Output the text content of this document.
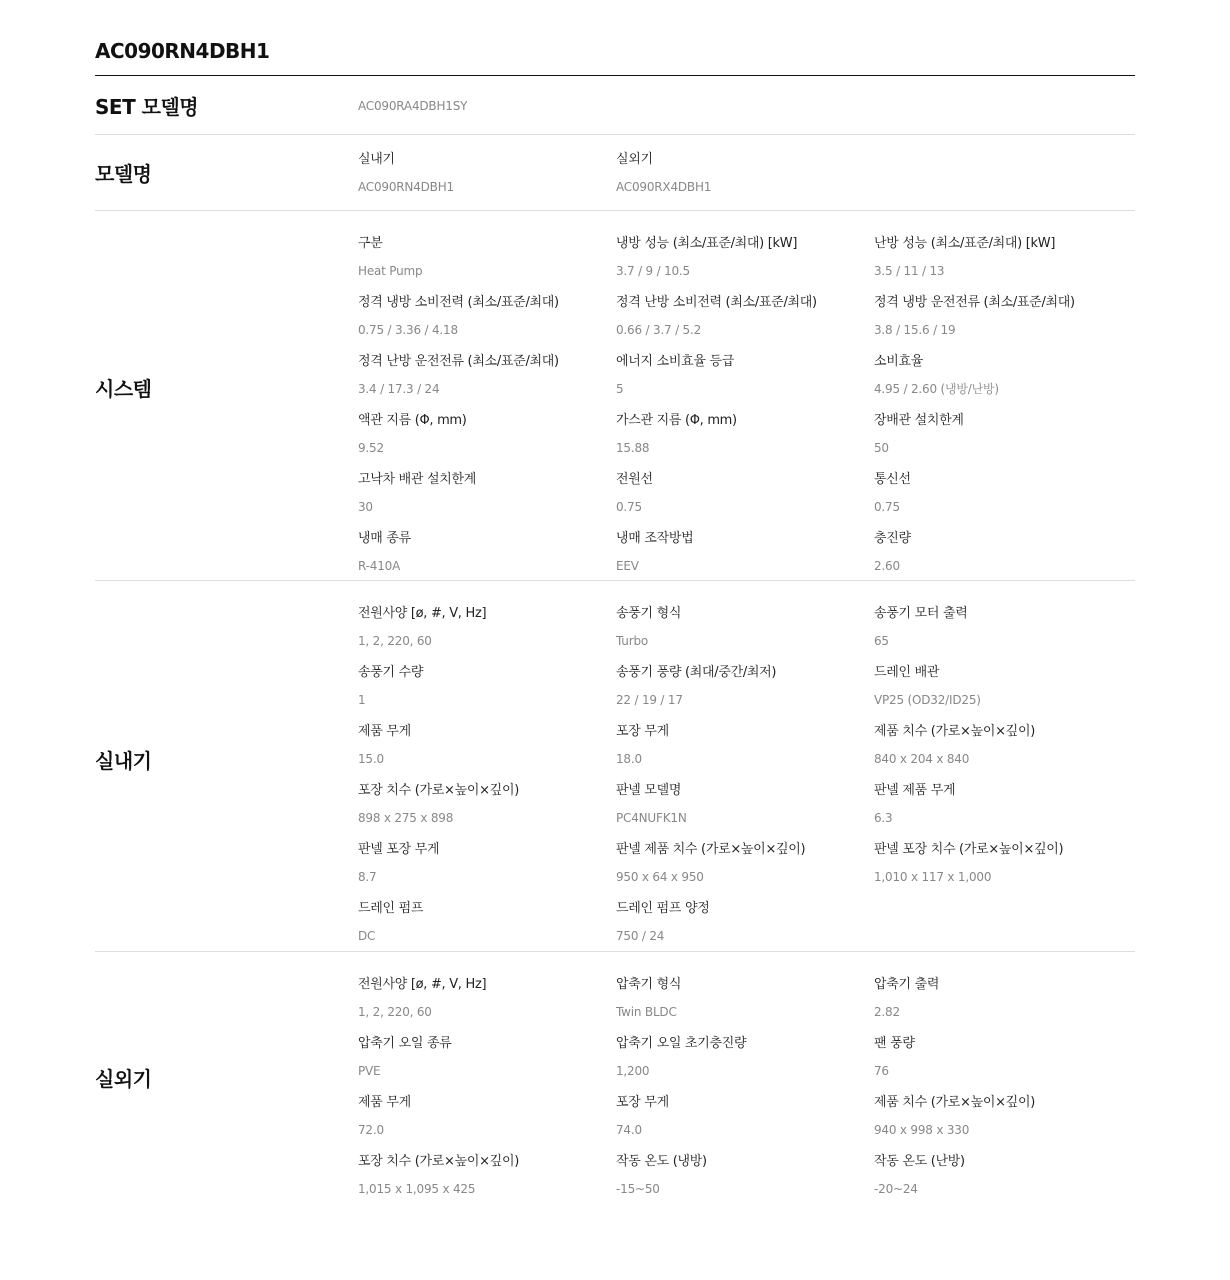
AC090RN4DBH1
SET 모델명	AC090RA4DBH1SY
모델명
실내기
AC090RN4DBH1
실외기
AC090RX4DBH1
시스템
구분
Heat Pump
냉방 성능 (최소/표준/최대) [kW]
3.7 / 9 / 10.5
난방 성능 (최소/표준/최대) [kW]
3.5 / 11 / 13
정격 냉방 소비전력 (최소/표준/최대)
0.75 / 3.36 / 4.18
정격 난방 소비전력 (최소/표준/최대)
0.66 / 3.7 / 5.2
정격 냉방 운전전류 (최소/표준/최대)
3.8 / 15.6 / 19
정격 난방 운전전류 (최소/표준/최대)
3.4 / 17.3 / 24
에너지 소비효율 등급
5
소비효율
4.95 / 2.60 (냉방/난방)
액관 지름 (Φ, mm)
9.52
가스관 지름 (Φ, mm)
15.88
장배관 설치한계
50
고낙차 배관 설치한계
30
전원선
0.75
통신선
0.75
냉매 종류
R-410A
냉매 조작방법
EEV
충진량
2.60
실내기
전원사양 [ø, #, V, Hz]
1, 2, 220, 60
송풍기 형식
Turbo
송풍기 모터 출력
65
송풍기 수량
1
송풍기 풍량 (최대/중간/최저)
22 / 19 / 17
드레인 배관
VP25 (OD32/ID25)
제품 무게
15.0
포장 무게
18.0
제품 치수 (가로×높이×깊이)
840 x 204 x 840
포장 치수 (가로×높이×깊이)
898 x 275 x 898
판넬 모델명
PC4NUFK1N
판넬 제품 무게
6.3
판넬 포장 무게
8.7
판넬 제품 치수 (가로×높이×깊이)
950 x 64 x 950
판넬 포장 치수 (가로×높이×깊이)
1,010 x 117 x 1,000
드레인 펌프
DC
드레인 펌프 양정
750 / 24
실외기
전원사양 [ø, #, V, Hz]
1, 2, 220, 60
압축기 형식
Twin BLDC
압축기 출력
2.82
압축기 오일 종류
PVE
압축기 오일 초기충진량
1,200
팬 풍량
76
제품 무게
72.0
포장 무게
74.0
제품 치수 (가로×높이×깊이)
940 x 998 x 330
포장 치수 (가로×높이×깊이)
1,015 x 1,095 x 425
작동 온도 (냉방)
-15~50
작동 온도 (난방)
-20~24
